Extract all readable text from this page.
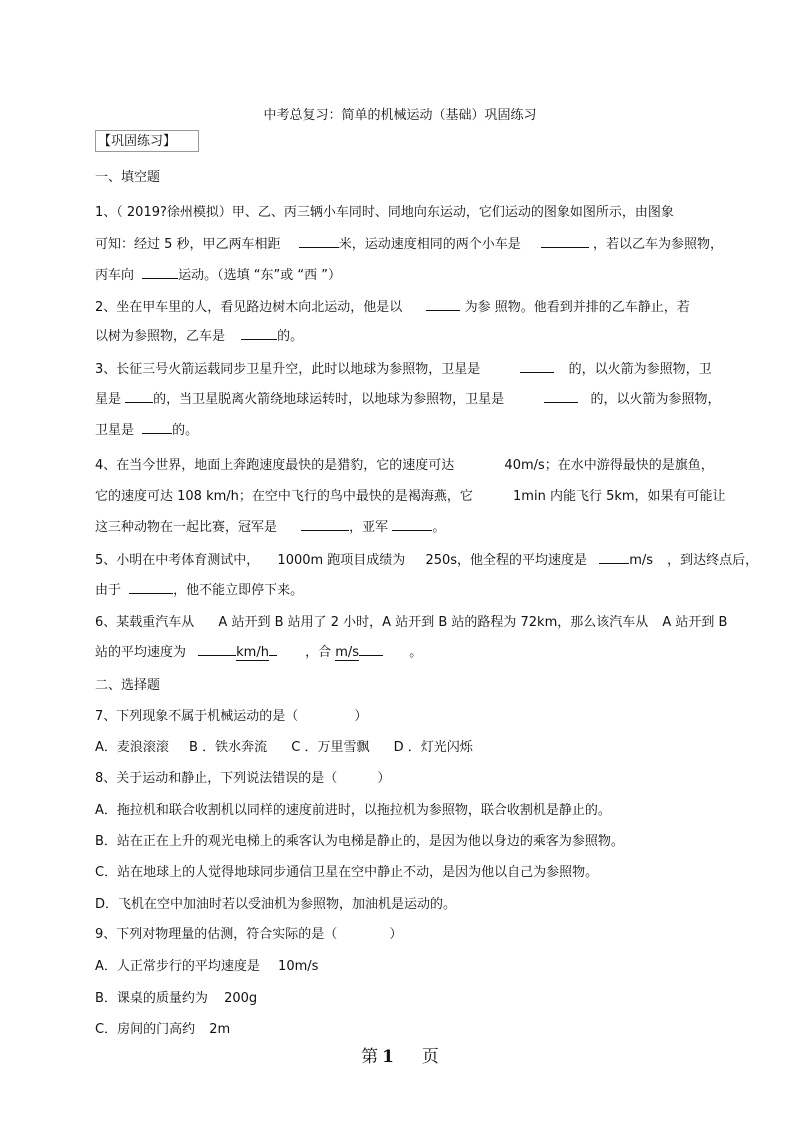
中考总复习：简单的机械运动（基础）巩固练习
【巩固练习】
一、填空题
1、（ 2019?徐州模拟）甲、乙、丙三辆小车同时、同地向东运动，它们运动的图象如图所示，由图象
可知：经过 5 秒，甲乙两车相距	米，运动速度相同的两个小车是	，若以乙车为参照物，
丙车向	运动。（选填 “东”或 “西 ”）
2、坐在甲车里的人，看见路边树木向北运动，他是以	为参 照物。他看到并排的乙车静止，若
以树为参照物，乙车是	的。
3、长征三号火箭运载同步卫星升空，此时以地球为参照物，卫星是	的，以火箭为参照物，卫
星是 的，当卫星脱离火箭绕地球运转时，以地球为参照物，卫星是	的，以火箭为参照物，
卫星是	的。
4、在当今世界，地面上奔跑速度最快的是猎豹，它的速度可达	40m/s；在水中游得最快的是旗鱼，
它的速度可达 108 km/h；在空中飞行的鸟中最快的是褐海燕，它	1min 内能飞行 5km，如果有可能让
这三种动物在一起比赛，冠军是	，亚军	。
5、小明在中考体育测试中， 1000m 跑项目成绩为 250s，他全程的平均速度是	m/s ，到达终点后，
由于	，他不能立即停下来。
6、某载重汽车从 A 站开到 B 站用了 2 小时，A 站开到 B 站的路程为 72km，那么该汽车从 A 站开到 B
站的平均速度为	km/h	，合 m/s	。
二、选择题
7、下列现象不属于机械运动的是（	）
A．麦浪滚滚 B ．铁水奔流 C ．万里雪飘 D ．灯光闪烁
8、关于运动和静止，下列说法错误的是（	）
A．拖拉机和联合收割机以同样的速度前进时，以拖拉机为参照物，联合收割机是静止的。
B．站在正在上升的观光电梯上的乘客认为电梯是静止的，是因为他以身边的乘客为参照物。
C．站在地球上的人觉得地球同步通信卫星在空中静止不动，是因为他以自己为参照物。
D．飞机在空中加油时若以受油机为参照物，加油机是运动的。
9、下列对物理量的估测，符合实际的是（	）
A．人正常步行的平均速度是 10m/s
B．课桌的质量约为 200g
C．房间的门高约 2m
第 1 页
